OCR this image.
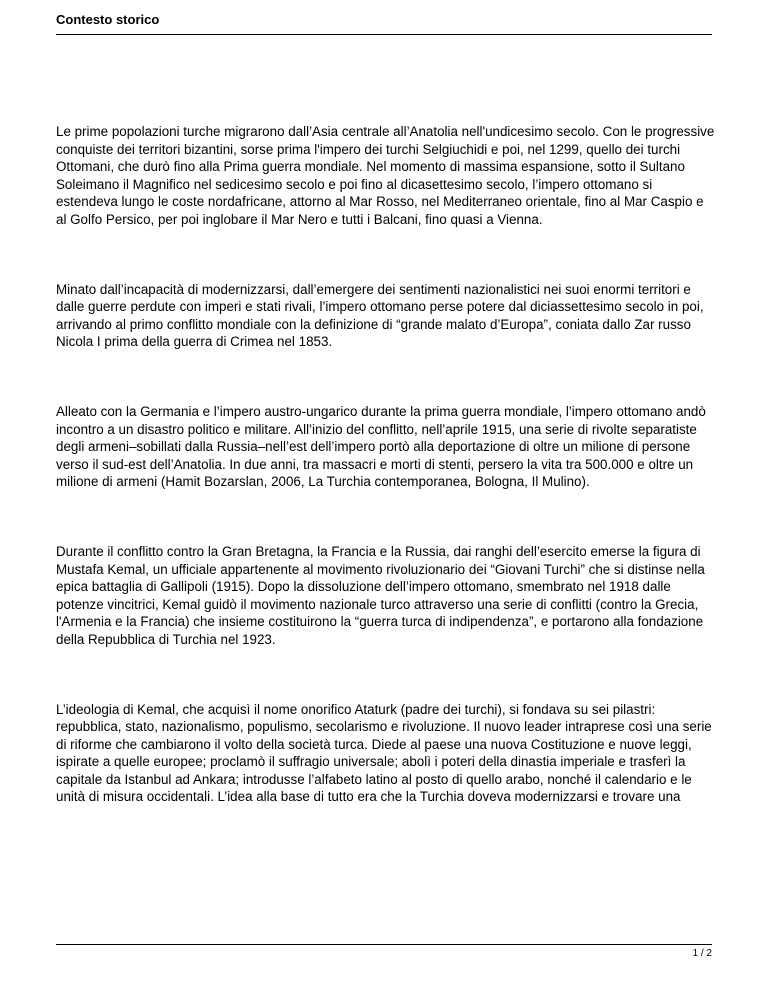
Contesto storico

Le prime popolazioni turche migrarono dall’Asia centrale all’Anatolia nell'undicesimo secolo. Con le progressive conquiste dei territori bizantini, sorse prima l'impero dei turchi Selgiuchidi e poi, nel 1299, quello dei turchi Ottomani, che durò fino alla Prima guerra mondiale. Nel momento di massima espansione, sotto il Sultano Soleimano il Magnifico nel sedicesimo secolo e poi fino al dicasettesimo secolo, l’impero ottomano si estendeva lungo le coste nordafricane, attorno al Mar Rosso, nel Mediterraneo orientale, fino al Mar Caspio e al Golfo Persico, per poi inglobare il Mar Nero e tutti i Balcani, fino quasi a Vienna.

Minato dall’incapacità di modernizzarsi, dall’emergere dei sentimenti nazionalistici nei suoi enormi territori e dalle guerre perdute con imperi e stati rivali, l’impero ottomano perse potere dal diciassettesimo secolo in poi, arrivando al primo conflitto mondiale con la definizione di “grande malato d’Europa”, coniata dallo Zar russo Nicola I prima della guerra di Crimea nel 1853.

Alleato con la Germania e l’impero austro-ungarico durante la prima guerra mondiale, l’impero ottomano andò incontro a un disastro politico e militare. All’inizio del conflitto, nell’aprile 1915, una serie di rivolte separatiste degli armeni–sobillati dalla Russia–nell’est dell’impero portò alla deportazione di oltre un milione di persone verso il sud-est dell’Anatolia. In due anni, tra massacri e morti di stenti, persero la vita tra 500.000 e oltre un milione di armeni (Hamit Bozarslan, 2006, La Turchia contemporanea, Bologna, Il Mulino).

Durante il conflitto contro la Gran Bretagna, la Francia e la Russia, dai ranghi dell’esercito emerse la figura di Mustafa Kemal, un ufficiale appartenente al movimento rivoluzionario dei “Giovani Turchi” che si distinse nella epica battaglia di Gallipoli (1915). Dopo la dissoluzione dell’impero ottomano, smembrato nel 1918 dalle potenze vincitrici, Kemal guidò il movimento nazionale turco attraverso una serie di conflitti (contro la Grecia, l'Armenia e la Francia) che insieme costituirono la “guerra turca di indipendenza”, e portarono alla fondazione della Repubblica di Turchia nel 1923.

L’ideologia di Kemal, che acquisì il nome onorifico Ataturk (padre dei turchi), si fondava su sei pilastri: repubblica, stato, nazionalismo, populismo, secolarismo e rivoluzione. Il nuovo leader intraprese così una serie di riforme che cambiarono il volto della società turca. Diede al paese una nuova Costituzione e nuove leggi, ispirate a quelle europee; proclamò il suffragio universale; abolì i poteri della dinastia imperiale e trasferì la capitale da Istanbul ad Ankara; introdusse l’alfabeto latino al posto di quello arabo, nonché il calendario e le unità di misura occidentali. L’idea alla base di tutto era che la Turchia doveva modernizzarsi e trovare una

1 / 2
